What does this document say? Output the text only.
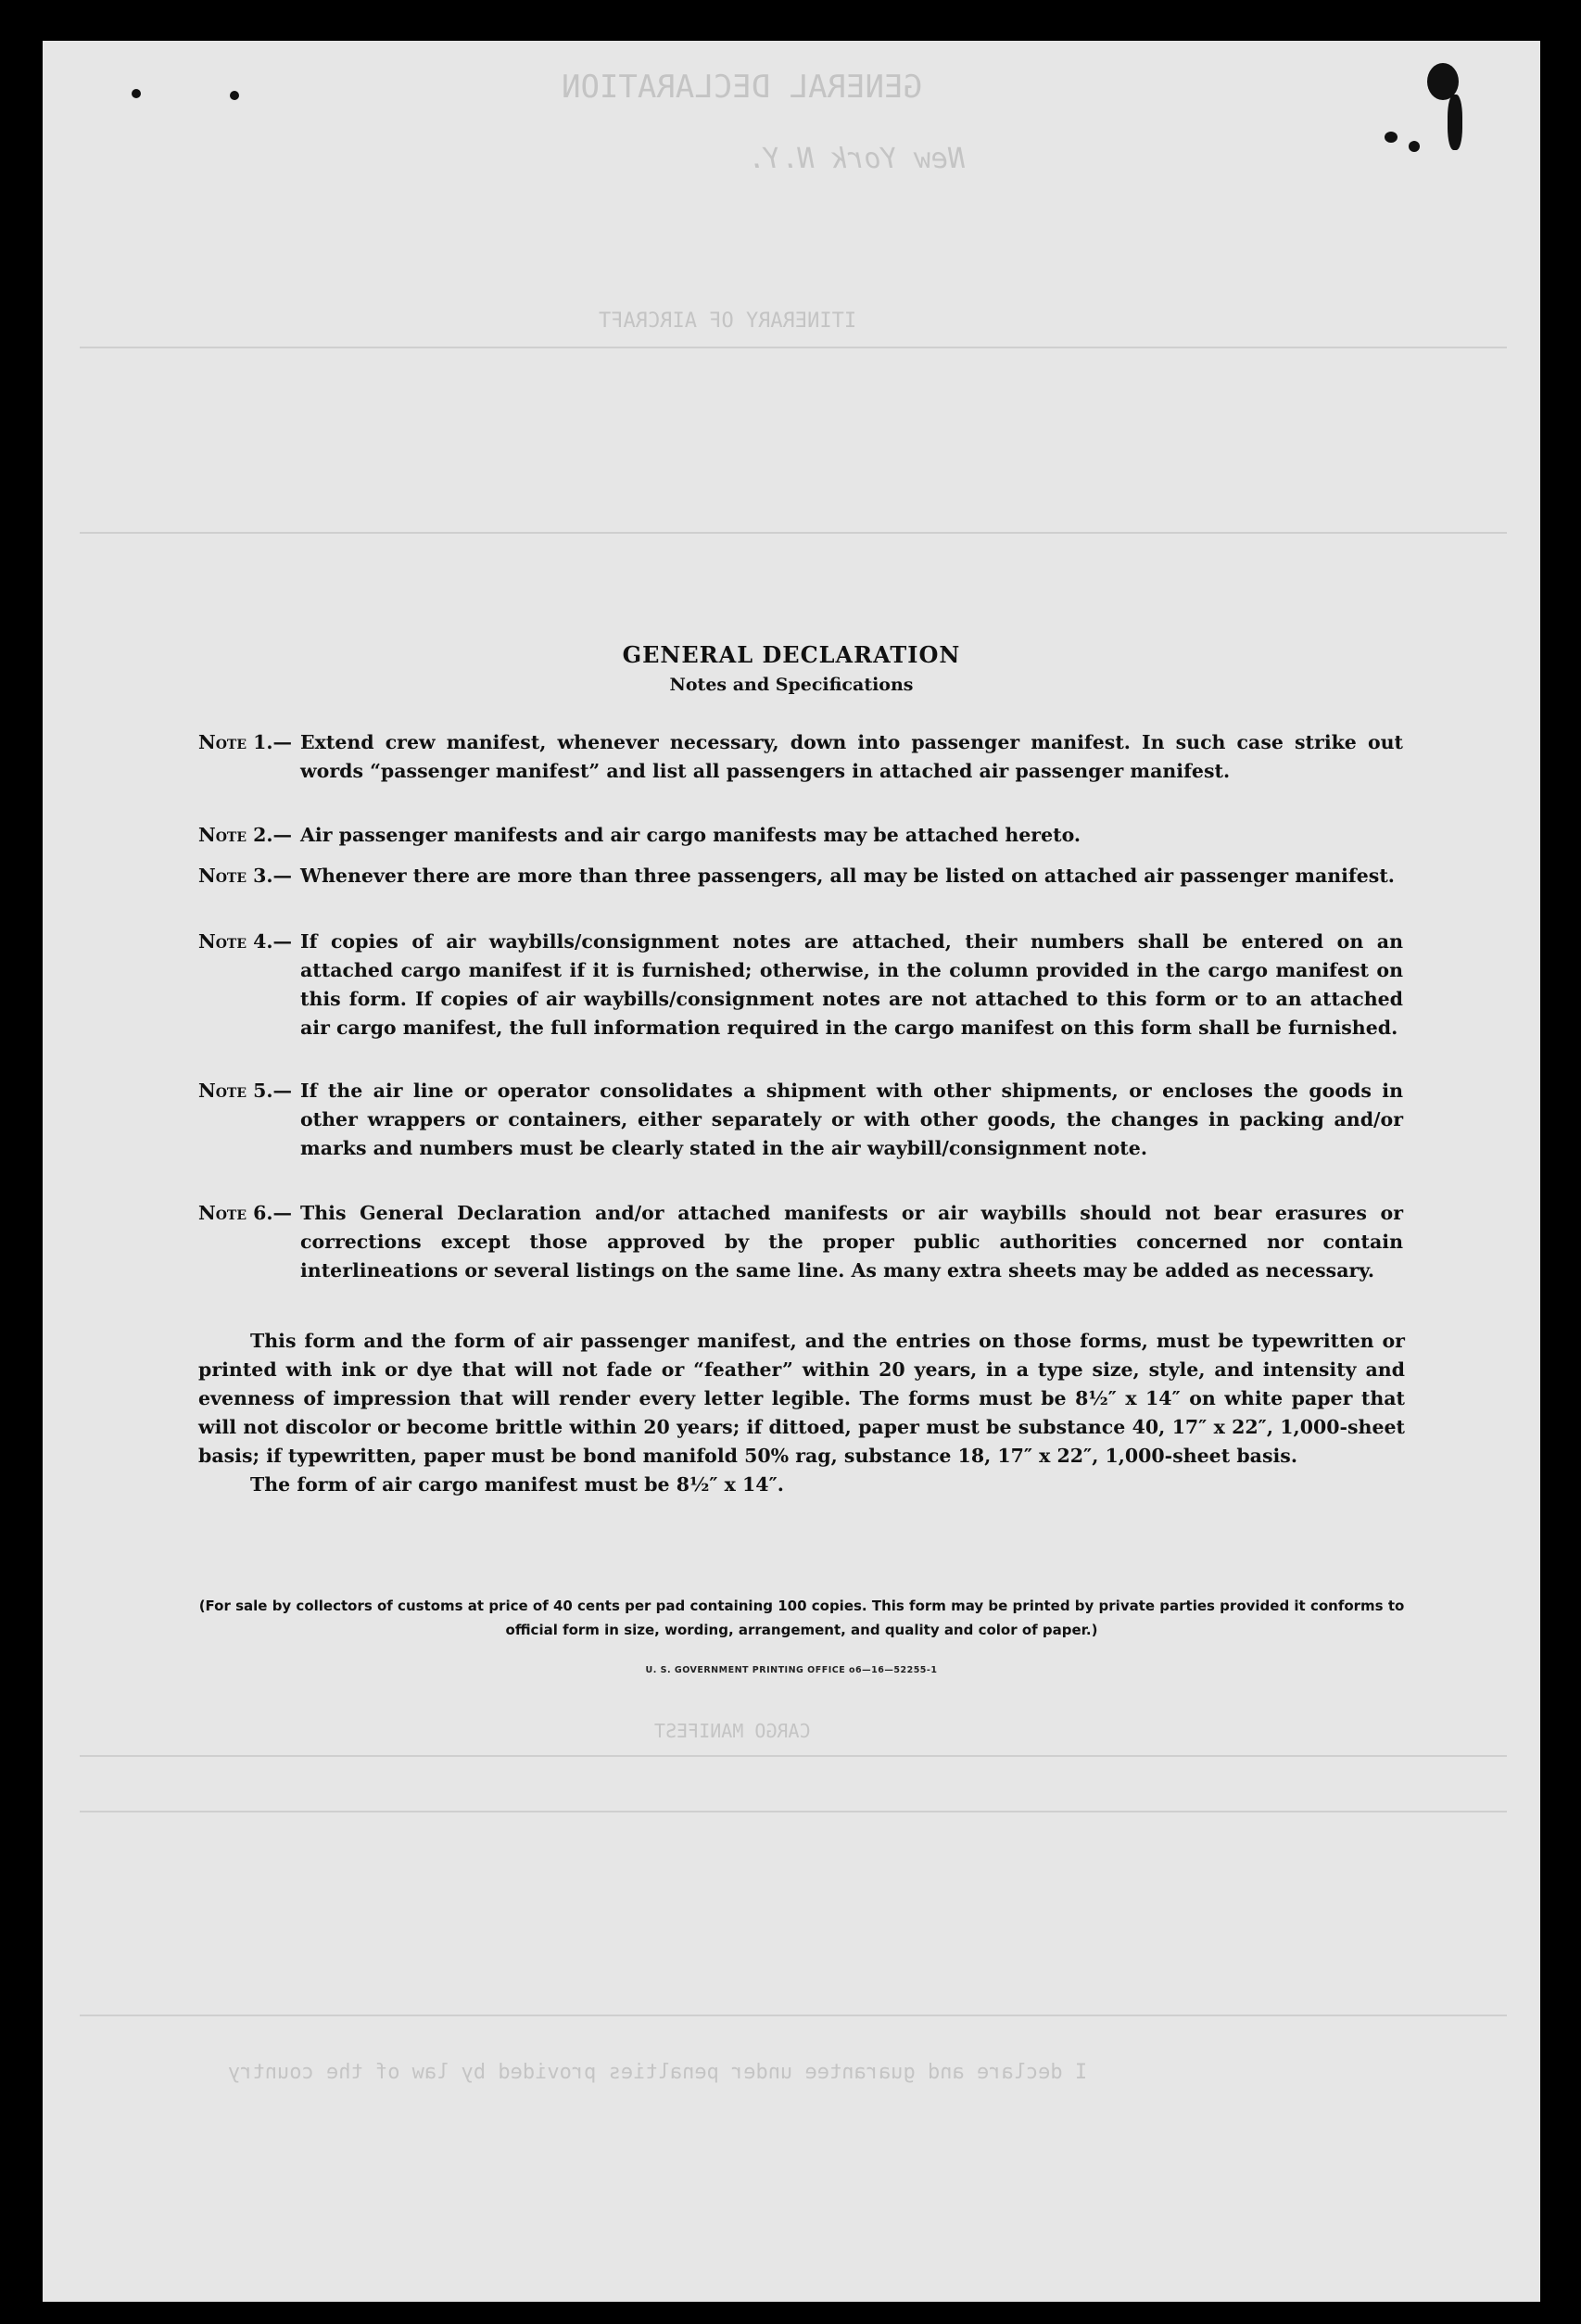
GENERAL DECLARATION
New York N.Y.
ITINERARY OF AIRCRAFT
CARGO MANIFEST
I declare and guarantee under penalties provided by law of the country
GENERAL DECLARATION
Notes and Specifications
Note 1.— Extend crew manifest, whenever necessary, down into passenger manifest. In such case strike out words “passenger manifest” and list all passengers in attached air passenger manifest.
Note 2.— Air passenger manifests and air cargo manifests may be attached hereto.
Note 3.— Whenever there are more than three passengers, all may be listed on attached air passenger manifest.
Note 4.— If copies of air waybills/consignment notes are attached, their numbers shall be entered on an attached cargo manifest if it is furnished; otherwise, in the column provided in the cargo manifest on this form. If copies of air waybills/consignment notes are not attached to this form or to an attached air cargo manifest, the full information required in the cargo manifest on this form shall be furnished.
Note 5.— If the air line or operator consolidates a shipment with other shipments, or encloses the goods in other wrappers or containers, either separately or with other goods, the changes in packing and/or marks and numbers must be clearly stated in the air waybill/consignment note.
Note 6.— This General Declaration and/or attached manifests or air waybills should not bear erasures or corrections except those approved by the proper public authorities concerned nor contain interlineations or several listings on the same line. As many extra sheets may be added as necessary.

This form and the form of air passenger manifest, and the entries on those forms, must be typewritten or printed with ink or dye that will not fade or “feather” within 20 years, in a type size, style, and intensity and evenness of impression that will render every letter legible. The forms must be 8½″ x 14″ on white paper that will not discolor or become brittle within 20 years; if dittoed, paper must be substance 40, 17″ x 22″, 1,000-sheet basis; if typewritten, paper must be bond manifold 50% rag, substance 18, 17″ x 22″, 1,000-sheet basis.

The form of air cargo manifest must be 8½″ x 14″.

(For sale by collectors of customs at price of 40 cents per pad containing 100 copies. This form may be printed by private parties provided it conforms to official form in size, wording, arrangement, and quality and color of paper.)
U. S. GOVERNMENT PRINTING OFFICE o6—16—52255-1
